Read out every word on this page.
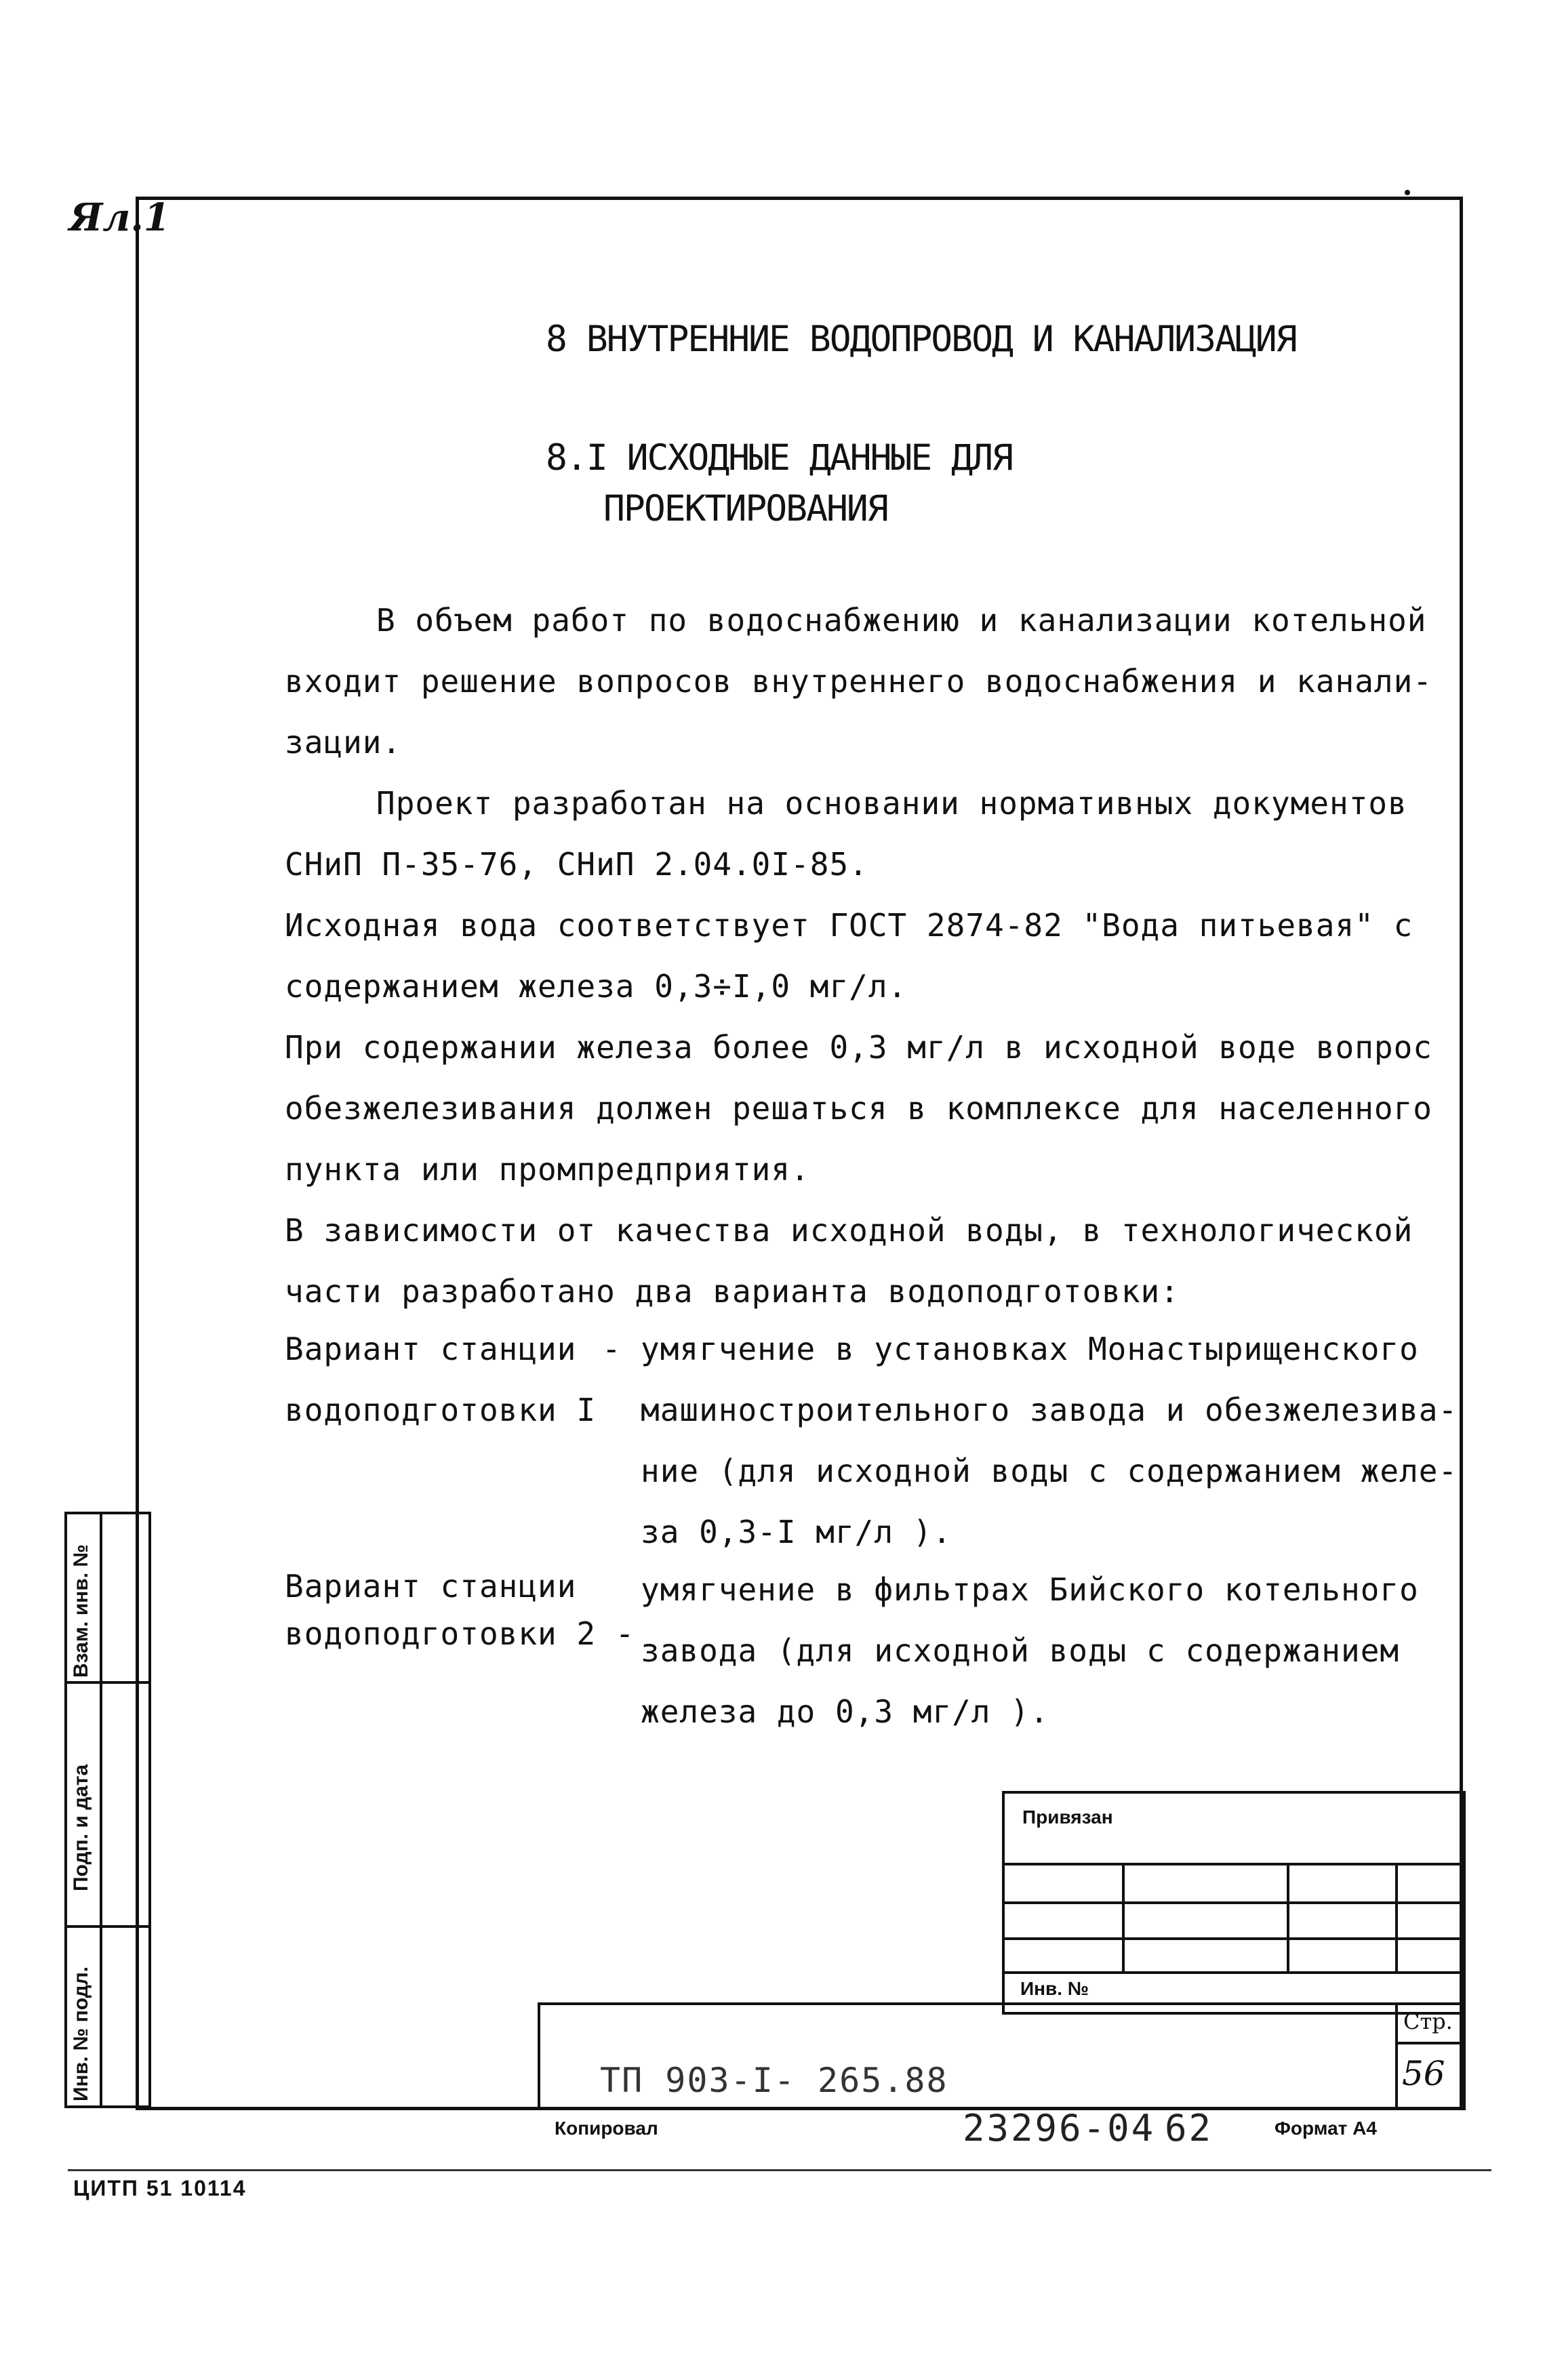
Ял.1
8 ВНУТРЕННИЕ ВОДОПРОВОД И КАНАЛИЗАЦИЯ
8.I ИСХОДНЫЕ ДАННЫЕ ДЛЯ
ПРОЕКТИРОВАНИЯ
В объем работ по водоснабжению и канализации котельной
входит решение вопросов внутреннего водоснабжения и канали-
зации.
Проект разработан на основании нормативных документов
СНиП П-35-76, СНиП 2.04.0I-85.
Исходная вода соответствует ГОСТ 2874-82 "Вода питьевая" с
содержанием железа 0,3÷I,0 мг/л.
При содержании железа более 0,3 мг/л в исходной воде вопрос
обезжелезивания должен решаться в комплексе для населенного
пункта или промпредприятия.
В зависимости от качества исходной воды, в технологической
части разработано два варианта водоподготовки:
Вариант станции
водоподготовки I
- умягчение в установках Монастырищенского
машиностроительного завода и обезжелезива-
ние (для исходной воды с содержанием желе-
за 0,3-I мг/л ).
Вариант станции
водоподготовки 2 -
умягчение в фильтрах Бийского котельного
завода (для исходной воды с содержанием
железа до 0,3 мг/л ).
Взам. инв. №
Подп. и дата
Инв. № подл.
Привязан
Инв. №
Стр.
56
ТП 903-I- 265.88
Копировал	23296-04 62	Формат А4
ЦИТП 51 10114
